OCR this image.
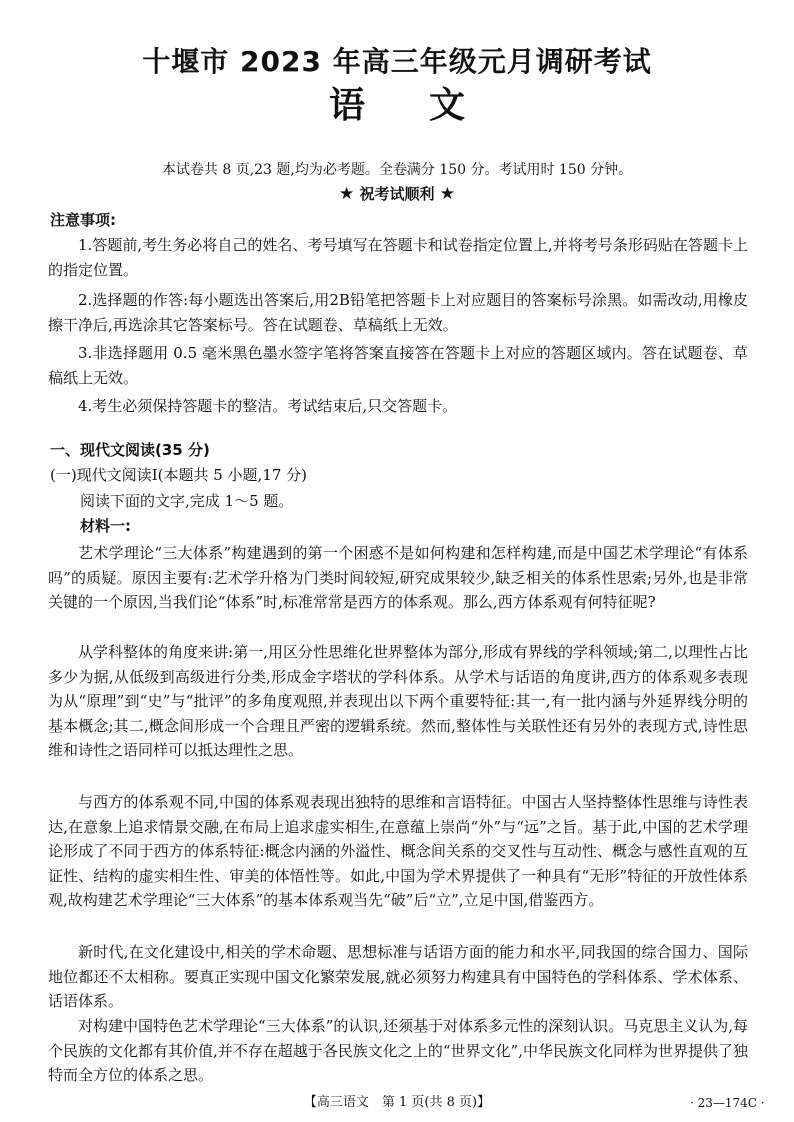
十堰市 2023 年高三年级元月调研考试
语文
本试卷共 8 页,23 题,均为必考题。全卷满分 150 分。考试用时 150 分钟。
★ 祝考试顺利 ★
注意事项:
1.答题前,考生务必将自己的姓名、考号填写在答题卡和试卷指定位置上,并将考号条形码贴在答题卡上的指定位置。
2.选择题的作答:每小题选出答案后,用2B铅笔把答题卡上对应题目的答案标号涂黑。如需改动,用橡皮擦干净后,再选涂其它答案标号。答在试题卷、草稿纸上无效。
3.非选择题用 0.5 毫米黑色墨水签字笔将答案直接答在答题卡上对应的答题区域内。答在试题卷、草稿纸上无效。
4.考生必须保持答题卡的整洁。考试结束后,只交答题卡。
一、现代文阅读(35 分)
(一)现代文阅读Ⅰ(本题共 5 小题,17 分)
阅读下面的文字,完成 1～5 题。
材料一:
艺术学理论“三大体系”构建遇到的第一个困惑不是如何构建和怎样构建,而是中国艺术学理论“有体系吗”的质疑。原因主要有:艺术学升格为门类时间较短,研究成果较少,缺乏相关的体系性思索;另外,也是非常关键的一个原因,当我们论“体系”时,标准常常是西方的体系观。那么,西方体系观有何特征呢?
从学科整体的角度来讲:第一,用区分性思维化世界整体为部分,形成有界线的学科领域;第二,以理性占比多少为据,从低级到高级进行分类,形成金字塔状的学科体系。从学术与话语的角度讲,西方的体系观多表现为从“原理”到“史”与“批评”的多角度观照,并表现出以下两个重要特征:其一,有一批内涵与外延界线分明的基本概念;其二,概念间形成一个合理且严密的逻辑系统。然而,整体性与关联性还有另外的表现方式,诗性思维和诗性之语同样可以抵达理性之思。
与西方的体系观不同,中国的体系观表现出独特的思维和言语特征。中国古人坚持整体性思维与诗性表达,在意象上追求情景交融,在布局上追求虚实相生,在意蕴上崇尚“外”与“远”之旨。基于此,中国的艺术学理论形成了不同于西方的体系特征:概念内涵的外溢性、概念间关系的交叉性与互动性、概念与感性直观的互证性、结构的虚实相生性、审美的体悟性等。如此,中国为学术界提供了一种具有“无形”特征的开放性体系观,故构建艺术学理论“三大体系”的基本体系观当先“破”后“立”,立足中国,借鉴西方。
新时代,在文化建设中,相关的学术命题、思想标准与话语方面的能力和水平,同我国的综合国力、国际地位都还不太相称。要真正实现中国文化繁荣发展,就必须努力构建具有中国特色的学科体系、学术体系、话语体系。
对构建中国特色艺术学理论“三大体系”的认识,还须基于对体系多元性的深刻认识。马克思主义认为,每个民族的文化都有其价值,并不存在超越于各民族文化之上的“世界文化”,中华民族文化同样为世界提供了独特而全方位的体系之思。
【高三语文　第 1 页(共 8 页)】	· 23—174C ·
